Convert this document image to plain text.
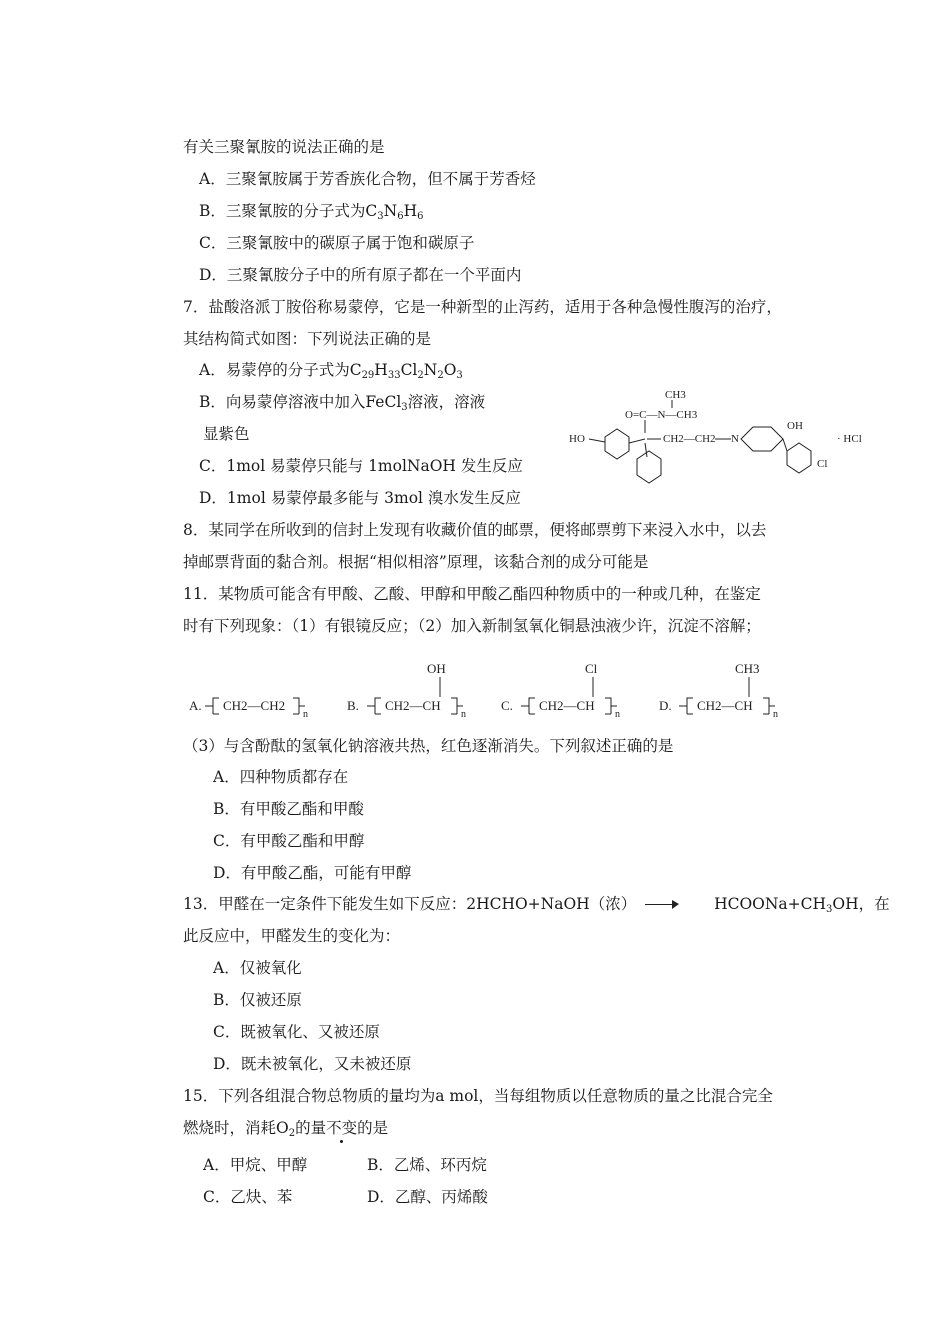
有关三聚氰胺的说法正确的是
A．三聚氰胺属于芳香族化合物，但不属于芳香烃
B．三聚氰胺的分子式为$C_3N_6H_6$
C．三聚氰胺中的碳原子属于饱和碳原子
D．三聚氰胺分子中的所有原子都在一个平面内
7．盐酸洛派丁胺俗称易蒙停，它是一种新型的止泻药，适用于各种急慢性腹泻的治疗，
其结构简式如图：下列说法正确的是
A．易蒙停的分子式为$C_{29}H_{33}Cl_2N_2O_3$
B．向易蒙停溶液中加入FeCl$_3$溶液，溶液
显紫色
C．1mol 易蒙停只能与 1molNaOH 发生反应
D．1mol 易蒙停最多能与 3mol 溴水发生反应
CH3
O=C—N—CH3
HO	CH2—CH2 N
OH
Cl
· HCl
8．某同学在所收到的信封上发现有收藏价值的邮票，便将邮票剪下来浸入水中，以去
掉邮票背面的黏合剂。根据“相似相溶”原理，该黏合剂的成分可能是
11．某物质可能含有甲酸、乙酸、甲醇和甲酸乙酯四种物质中的一种或几种，在鉴定
时有下列现象：（1）有银镜反应；（2）加入新制氢氧化铜悬浊液少许，沉淀不溶解；
A. CH2—CH2
n
B. CH2—CH
OH
n
C. CH2—CH
Cl
n
D. CH2—CH
CH3
n
（3）与含酚酞的氢氧化钠溶液共热，红色逐渐消失。下列叙述正确的是
A．四种物质都存在
B．有甲酸乙酯和甲酸
C．有甲酸乙酯和甲醇
D．有甲酸乙酯，可能有甲醇
13．甲醛在一定条件下能发生如下反应：2HCHO+NaOH（浓）	$HCOONa+CH_3OH$，在
此反应中，甲醛发生的变化为：
A．仅被氧化
B．仅被还原
C．既被氧化、又被还原
D．既未被氧化，又未被还原
15．下列各组混合物总物质的量均为a mol，当每组物质以任意物质的量之比混合完全
燃烧时，消耗$O_2$的量不变的是
A．甲烷、甲醇	B．乙烯、环丙烷
C．乙炔、苯	D．乙醇、丙烯酸
